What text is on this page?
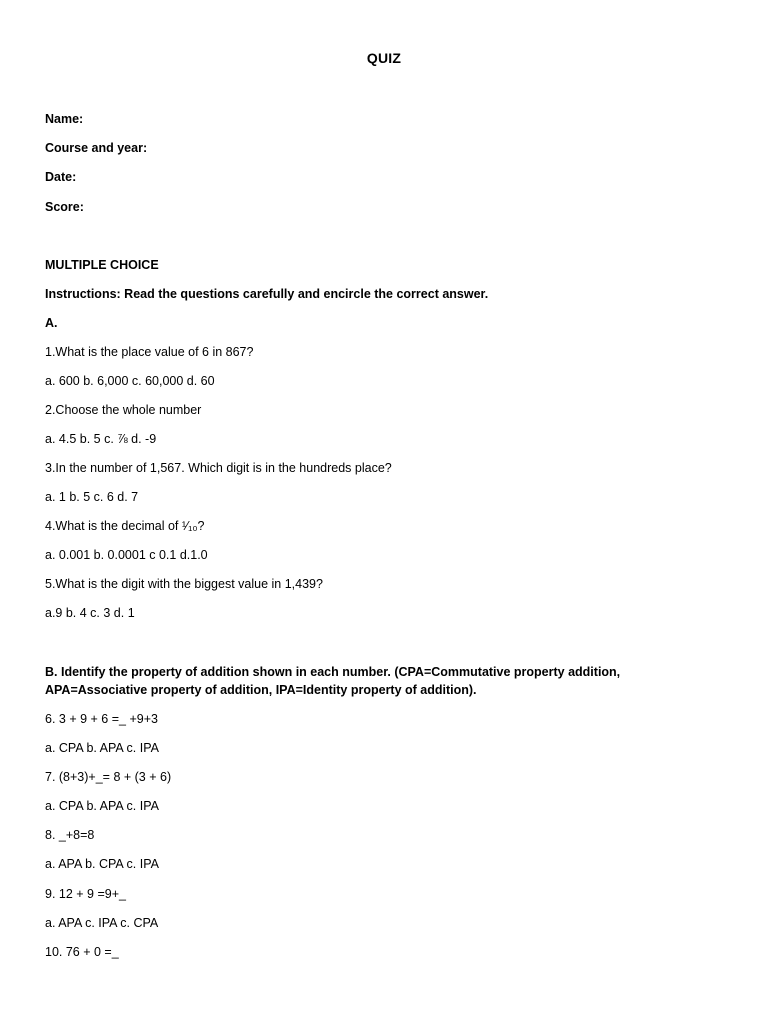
QUIZ
Name:
Course and year:
Date:
Score:
MULTIPLE CHOICE
Instructions: Read the questions carefully and encircle the correct answer.
A.
1.What is the place value of 6 in 867?
a. 600 b. 6,000 c. 60,000 d. 60
2.Choose the whole number
a. 4.5 b. 5 c. ⅞ d. -9
3.In the number of 1,567. Which digit is in the hundreds place?
a. 1 b. 5 c. 6 d. 7
4.What is the decimal of ¹⁄₁₀?
a. 0.001 b. 0.0001 c 0.1 d.1.0
5.What is the digit with the biggest value in 1,439?
a.9 b. 4 c. 3 d. 1
B. Identify the property of addition shown in each number. (CPA=Commutative property addition, APA=Associative property of addition, IPA=Identity property of addition).
6. 3 + 9 + 6 =_ +9+3
a. CPA b. APA c. IPA
7. (8+3)+_= 8 + (3 + 6)
a. CPA b. APA c. IPA
8. _+8=8
a. APA b. CPA c. IPA
9. 12 + 9 =9+_
a. APA c. IPA c. CPA
10. 76 + 0 =_
